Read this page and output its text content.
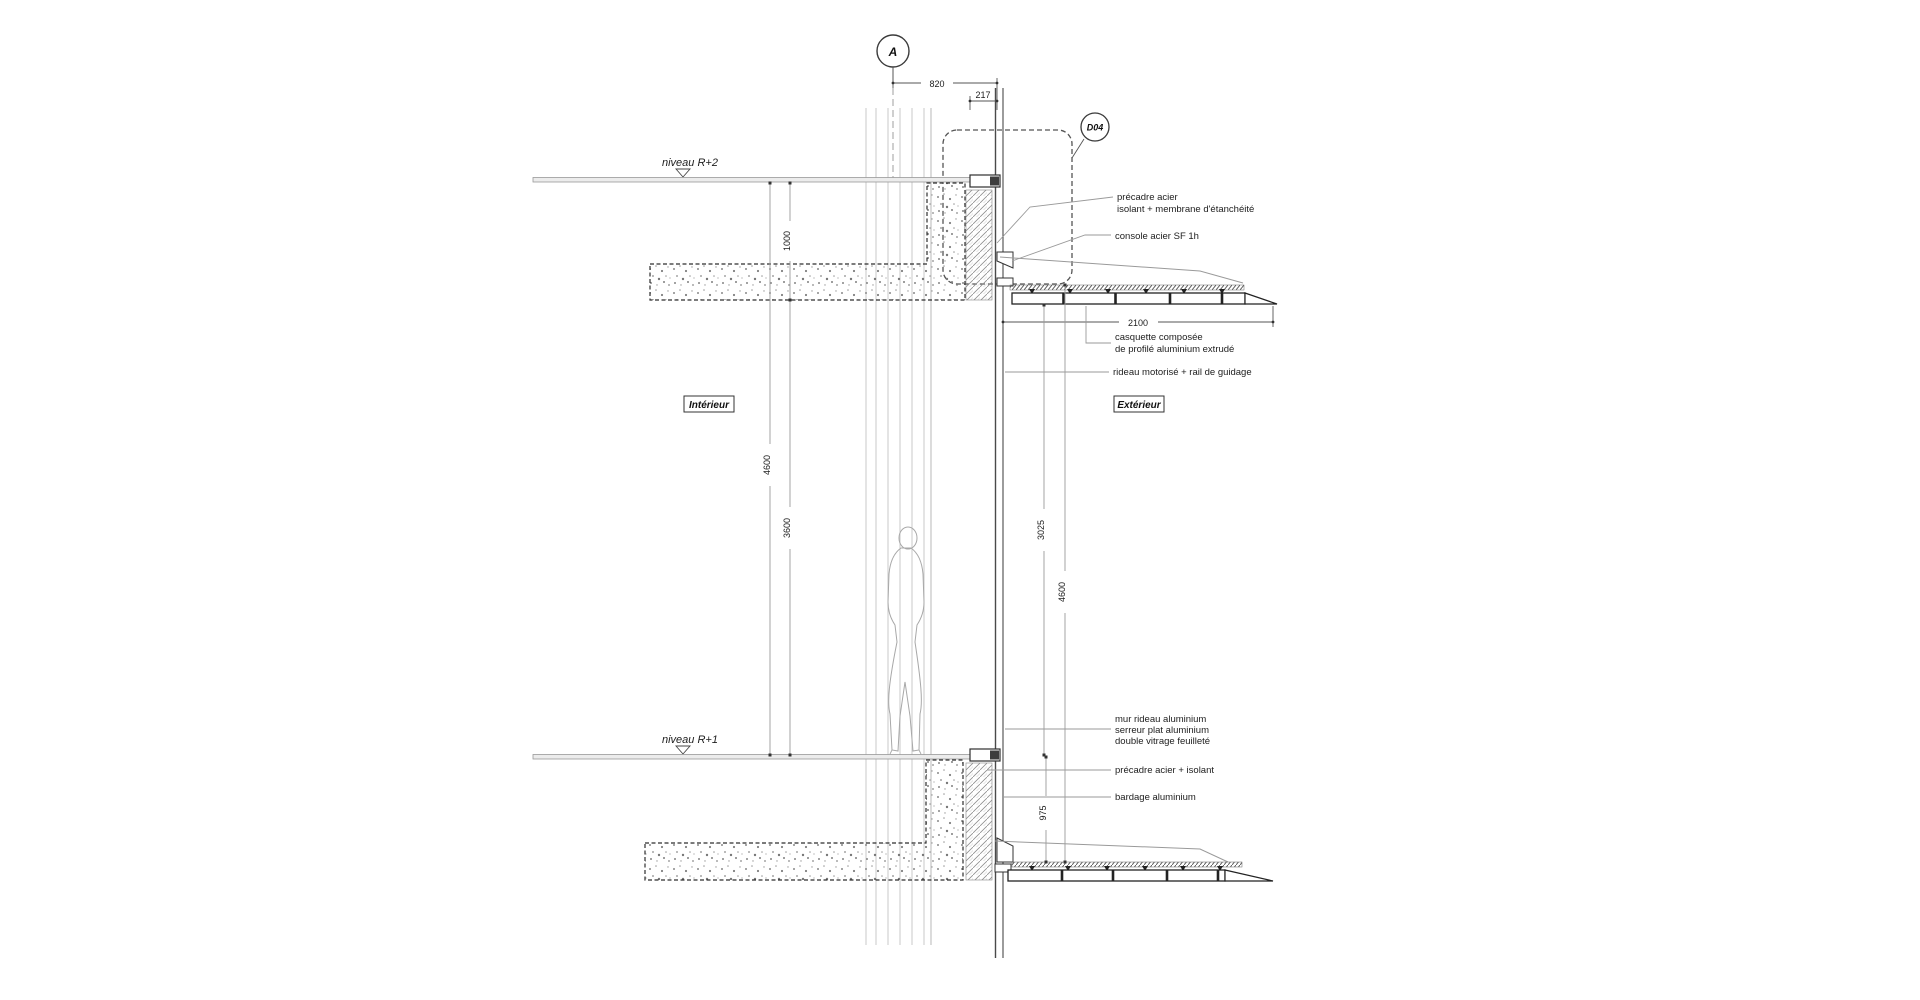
A
820
217
D04
niveau R+2
niveau R+1
2100
4600
1000
3600	3025
4600
975
Intérieur	Extérieur
précadre acier
isolant + membrane d'étanchéité
console acier SF 1h
casquette composée
de profilé aluminium extrudé
rideau motorisé + rail de guidage
mur rideau aluminium
serreur plat aluminium
double vitrage feuilleté
précadre acier + isolant
bardage aluminium
